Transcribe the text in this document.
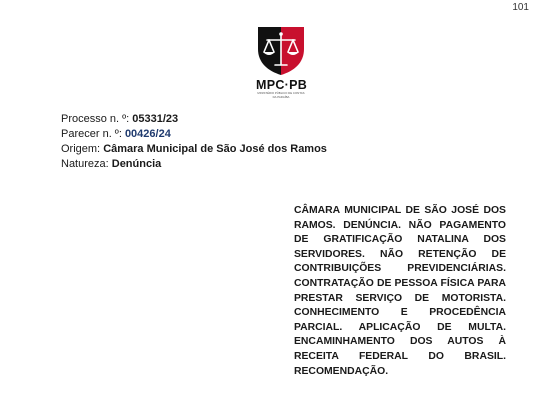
101
MPC·PB
MINISTÉRIO PÚBLICO DE CONTAS
DA PARAÍBA
Processo n. º: 05331/23
Parecer n. º: 00426/24
Origem: Câmara Municipal de São José dos Ramos
Natureza: Denúncia
CÂMARA MUNICIPAL DE SÃO JOSÉ DOS RAMOS. DENÚNCIA. NÃO PAGAMENTO DE GRATIFICAÇÃO NATALINA DOS SERVIDORES. NÃO RETENÇÃO DE CONTRIBUIÇÕES PREVIDENCIÁRIAS. CONTRATAÇÃO DE PESSOA FÍSICA PARA PRESTAR SERVIÇO DE MOTORISTA. CONHECIMENTO E PROCEDÊNCIA PARCIAL. APLICAÇÃO DE MULTA. ENCAMINHAMENTO DOS AUTOS À RECEITA FEDERAL DO BRASIL. RECOMENDAÇÃO.
